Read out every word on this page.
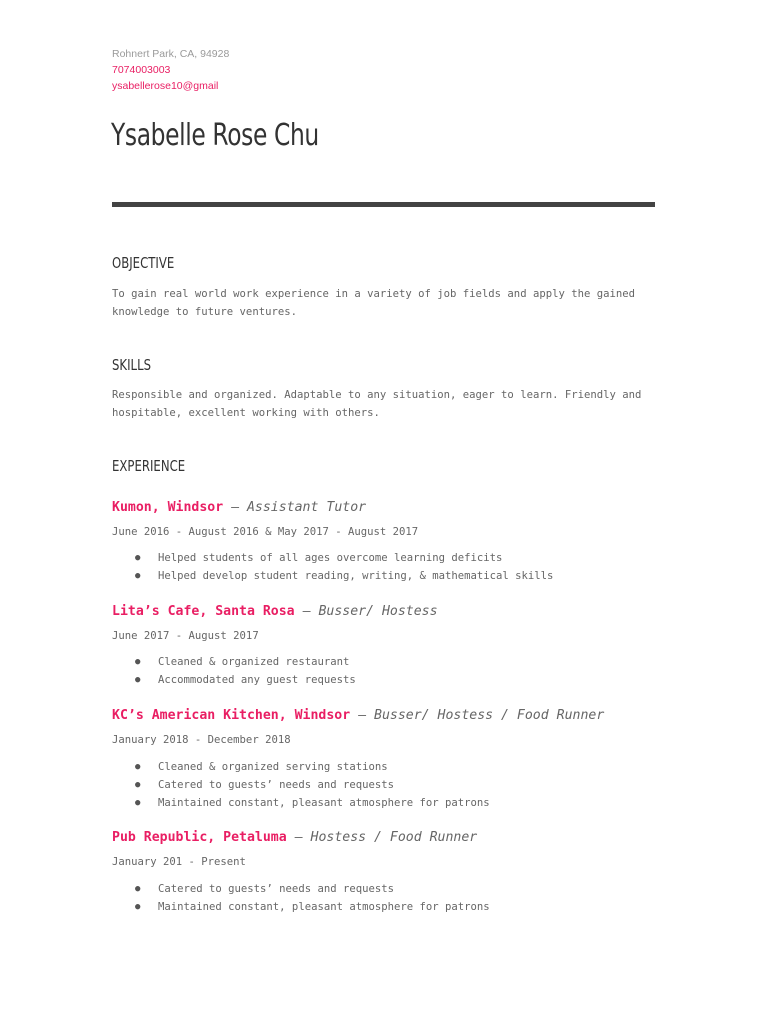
Rohnert Park, CA, 94928
7074003003
ysabellerose10@gmail
Ysabelle Rose Chu
OBJECTIVE
To gain real world work experience in a variety of job fields and apply the gained knowledge to future ventures.
SKILLS
Responsible and organized. Adaptable to any situation, eager to learn. Friendly and hospitable, excellent working with others.
EXPERIENCE
Kumon, Windsor — Assistant Tutor
June 2016 - August 2016 & May 2017 - August 2017
● Helped students of all ages overcome learning deficits
● Helped develop student reading, writing, & mathematical skills
Lita’s Cafe, Santa Rosa — Busser/ Hostess
June 2017 - August 2017
● Cleaned & organized restaurant
● Accommodated any guest requests
KC’s American Kitchen, Windsor — Busser/ Hostess / Food Runner
January 2018 - December 2018
● Cleaned & organized serving stations
● Catered to guests’ needs and requests
● Maintained constant, pleasant atmosphere for patrons
Pub Republic, Petaluma — Hostess / Food Runner
January 201 - Present
● Catered to guests’ needs and requests
● Maintained constant, pleasant atmosphere for patrons
